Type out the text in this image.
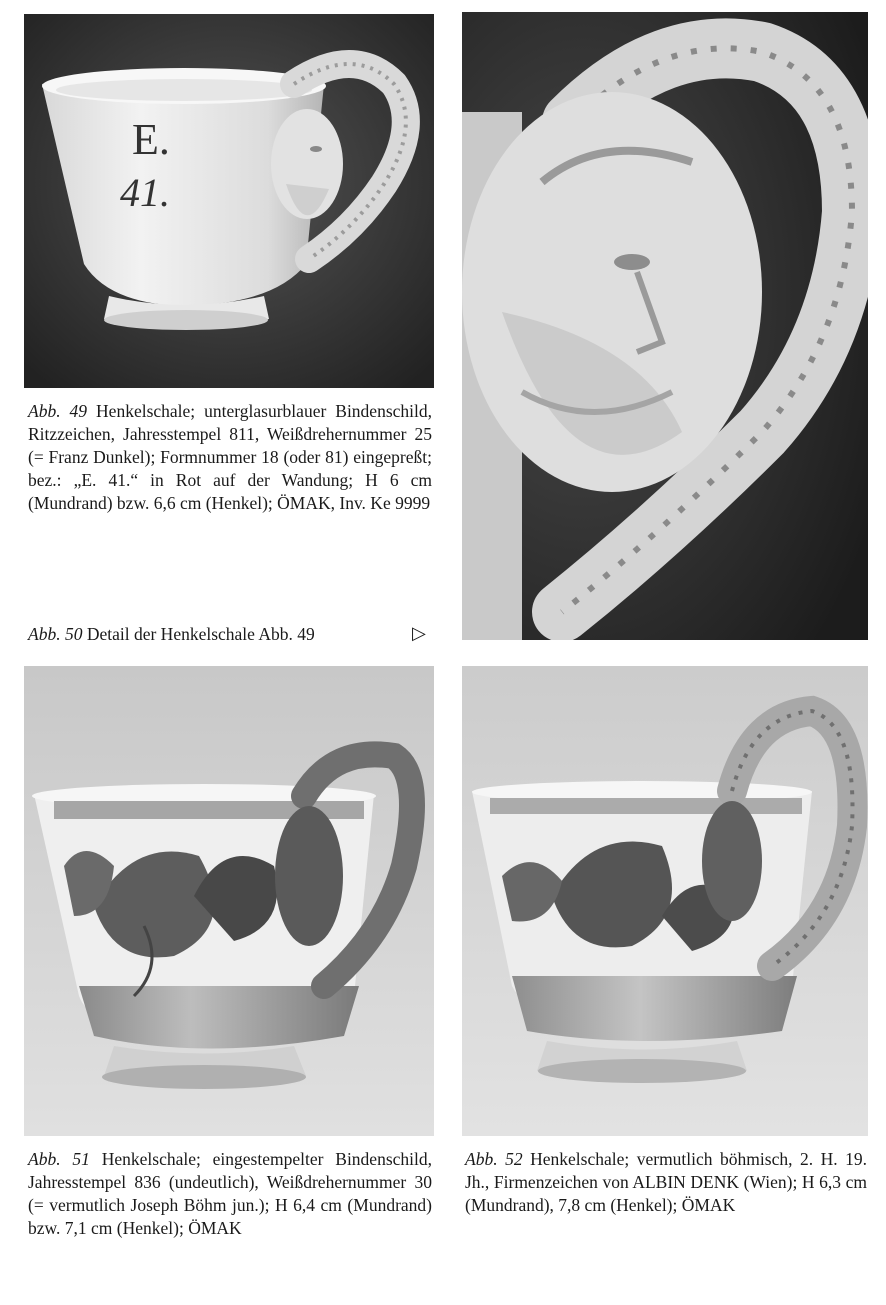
E.
41.
Abb. 49 Henkelschale; unterglasurblauer Bindenschild, Ritzzeichen, Jahresstempel 811, Weißdrehernummer 25 (= Franz Dunkel); Formnummer 18 (oder 81) eingepreßt; bez.: „E. 41.“ in Rot auf der Wandung; H 6 cm (Mundrand) bzw. 6,6 cm (Henkel); ÖMAK, Inv. Ke 9999
Abb. 50 Detail der Henkelschale Abb. 49	▷
Abb. 51 Henkelschale; eingestempelter Bindenschild, Jahresstempel 836 (undeutlich), Weißdrehernummer 30 (= vermutlich Joseph Böhm jun.); H 6,4 cm (Mundrand) bzw. 7,1 cm (Henkel); ÖMAK
Abb. 52 Henkelschale; vermutlich böhmisch, 2. H. 19. Jh., Firmenzeichen von ALBIN DENK (Wien); H 6,3 cm (Mundrand), 7,8 cm (Henkel); ÖMAK
